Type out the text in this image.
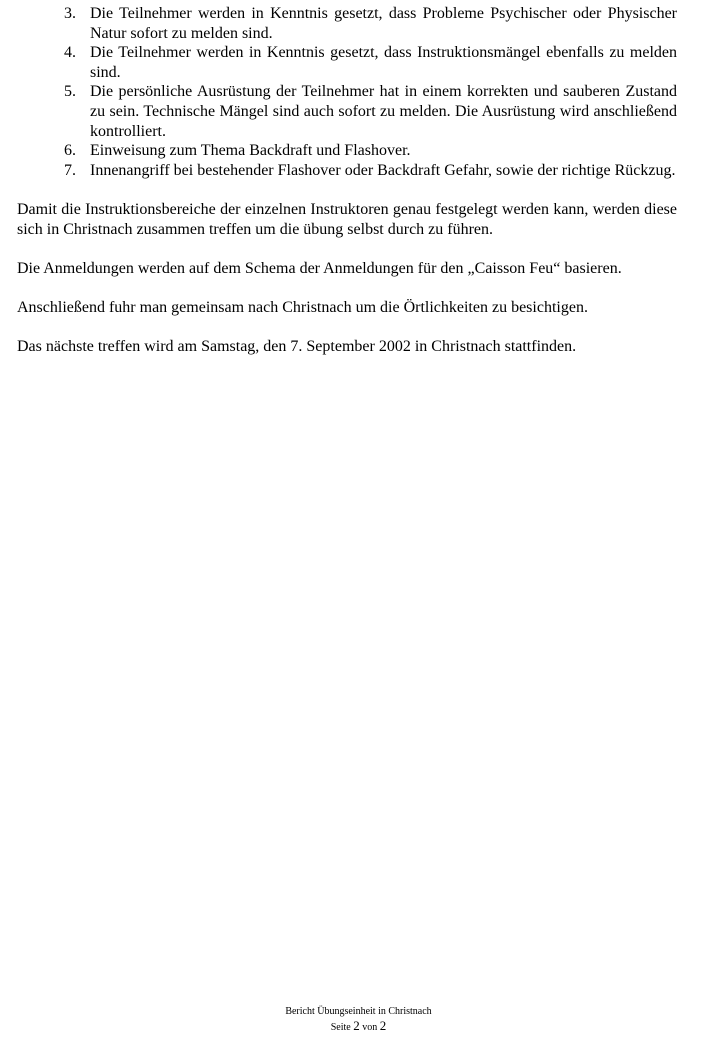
3. Die Teilnehmer werden in Kenntnis gesetzt, dass Probleme Psychischer oder Physischer Natur sofort zu melden sind.
4. Die Teilnehmer werden in Kenntnis gesetzt, dass Instruktionsmängel ebenfalls zu melden sind.
5. Die persönliche Ausrüstung der Teilnehmer hat in einem korrekten und sauberen Zustand zu sein. Technische Mängel sind auch sofort zu melden. Die Ausrüstung wird anschließend kontrolliert.
6. Einweisung zum Thema Backdraft und Flashover.
7. Innenangriff bei bestehender Flashover oder Backdraft Gefahr, sowie der richtige Rückzug.

Damit die Instruktionsbereiche der einzelnen Instruktoren genau festgelegt werden kann, werden diese sich in Christnach zusammen treffen um die übung selbst durch zu führen.

Die Anmeldungen werden auf dem Schema der Anmeldungen für den „Caisson Feu“ basieren.

Anschließend fuhr man gemeinsam nach Christnach um die Örtlichkeiten zu besichtigen.

Das nächste treffen wird am Samstag, den 7. September 2002 in Christnach stattfinden.

Bericht Übungseinheit in Christnach
Seite 2 von 2
